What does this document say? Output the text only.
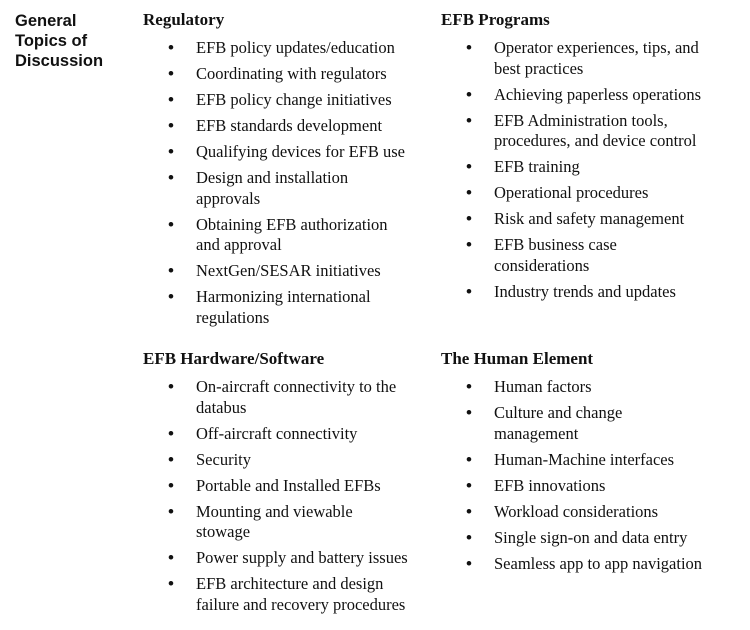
General
Topics of
Discussion
Regulatory
• EFB policy updates/education
• Coordinating with regulators
• EFB policy change initiatives
• EFB standards development
• Qualifying devices for EFB use
• Design and installation
approvals
• Obtaining EFB authorization
and approval
• NextGen/SESAR initiatives
• Harmonizing international
regulations
EFB Programs
• Operator experiences, tips, and
best practices
• Achieving paperless operations
• EFB Administration tools,
procedures, and device control
• EFB training
• Operational procedures
• Risk and safety management
• EFB business case
considerations
• Industry trends and updates
EFB Hardware/Software
• On-aircraft connectivity to the
databus
• Off-aircraft connectivity
• Security
• Portable and Installed EFBs
• Mounting and viewable
stowage
• Power supply and battery issues
• EFB architecture and design
failure and recovery procedures
The Human Element
• Human factors
• Culture and change
management
• Human-Machine interfaces
• EFB innovations
• Workload considerations
• Single sign-on and data entry
• Seamless app to app navigation
